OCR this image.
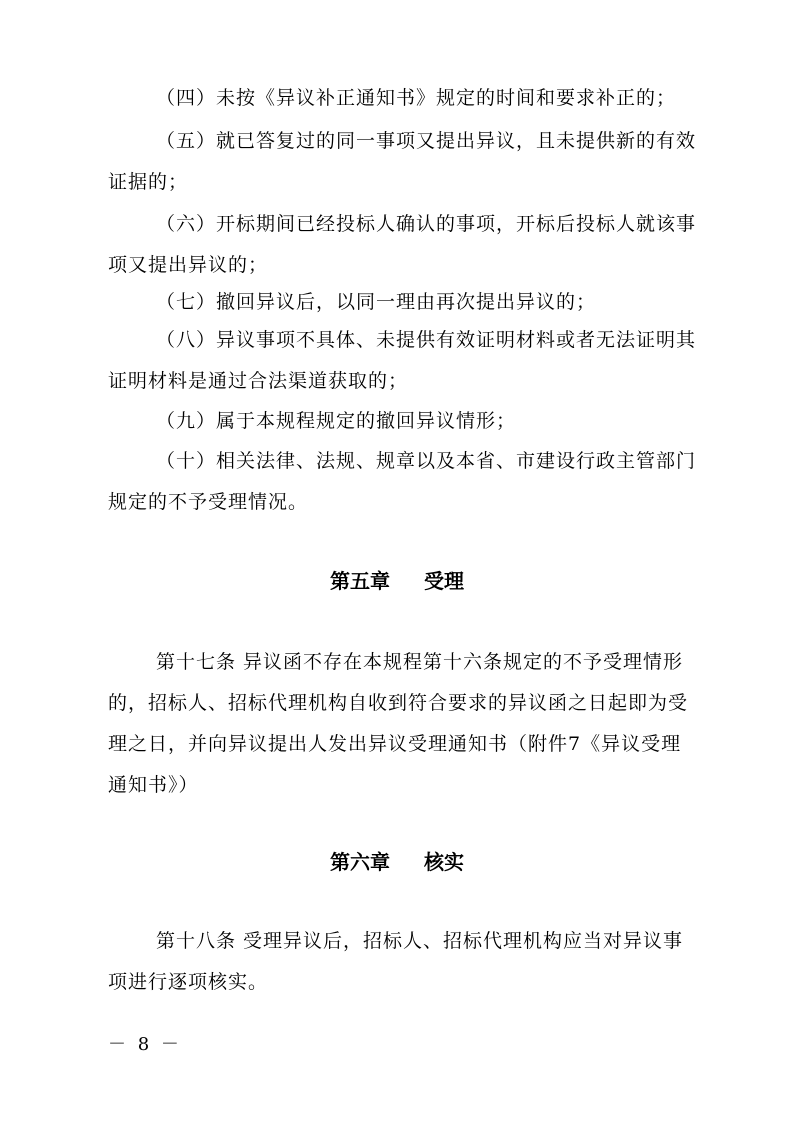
（四）未按《异议补正通知书》规定的时间和要求补正的；

（五）就已答复过的同一事项又提出异议，且未提供新的有效证据的；

（六）开标期间已经投标人确认的事项，开标后投标人就该事项又提出异议的；

（七）撤回异议后，以同一理由再次提出异议的；

（八）异议事项不具体、未提供有效证明材料或者无法证明其证明材料是通过合法渠道获取的；

（九）属于本规程规定的撤回异议情形；

（十）相关法律、法规、规章以及本省、市建设行政主管部门规定的不予受理情况。

第五章 受理

第十七条 异议函不存在本规程第十六条规定的不予受理情形的，招标人、招标代理机构自收到符合要求的异议函之日起即为受理之日，并向异议提出人发出异议受理通知书（附件7《异议受理通知书》）

第六章 核实

第十八条 受理异议后，招标人、招标代理机构应当对异议事项进行逐项核实。

－ 8 －
